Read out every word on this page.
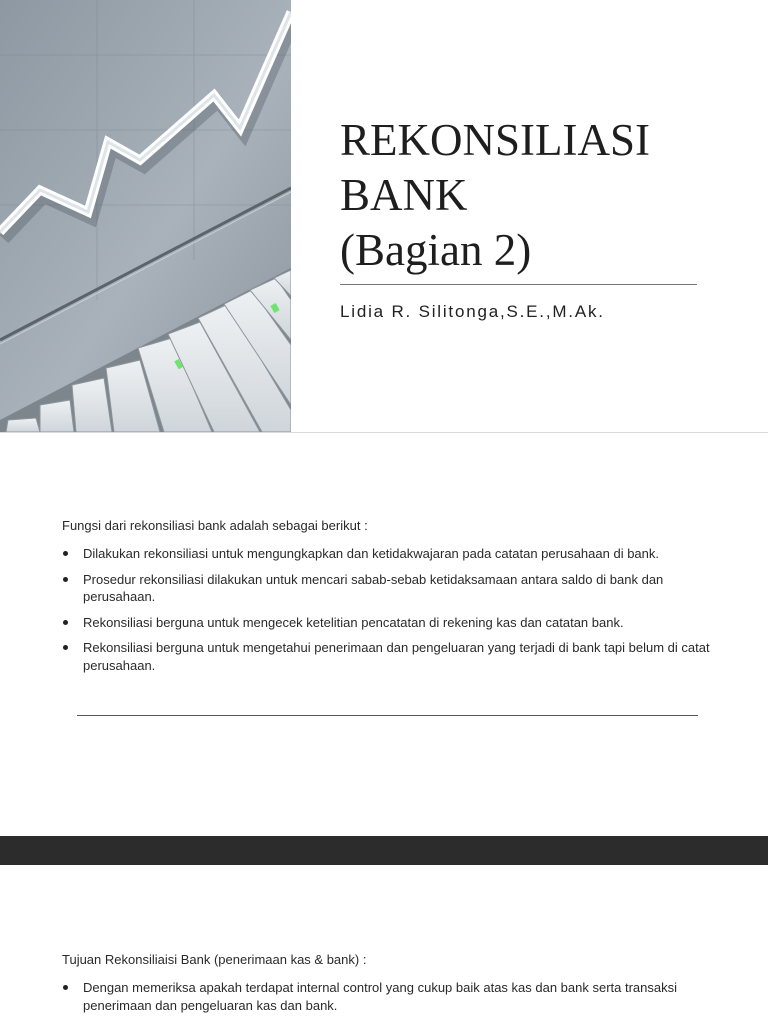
REKONSILIASI
BANK
(Bagian 2)

Lidia R. Silitonga,S.E.,M.Ak.

Fungsi dari rekonsiliasi bank adalah sebagai berikut :

Dilakukan rekonsiliasi untuk mengungkapkan dan ketidakwajaran pada catatan perusahaan di bank.
Prosedur rekonsiliasi dilakukan untuk mencari sabab-sebab ketidaksamaan antara saldo di bank dan perusahaan.
Rekonsiliasi berguna untuk mengecek ketelitian pencatatan di rekening kas dan catatan bank.
Rekonsiliasi berguna untuk mengetahui penerimaan dan pengeluaran yang terjadi di bank tapi belum di catat perusahaan.

Tujuan Rekonsiliaisi Bank (penerimaan kas & bank) :

Dengan memeriksa apakah terdapat internal control yang cukup baik atas kas dan bank serta transaksi penerimaan dan pengeluaran kas dan bank.
